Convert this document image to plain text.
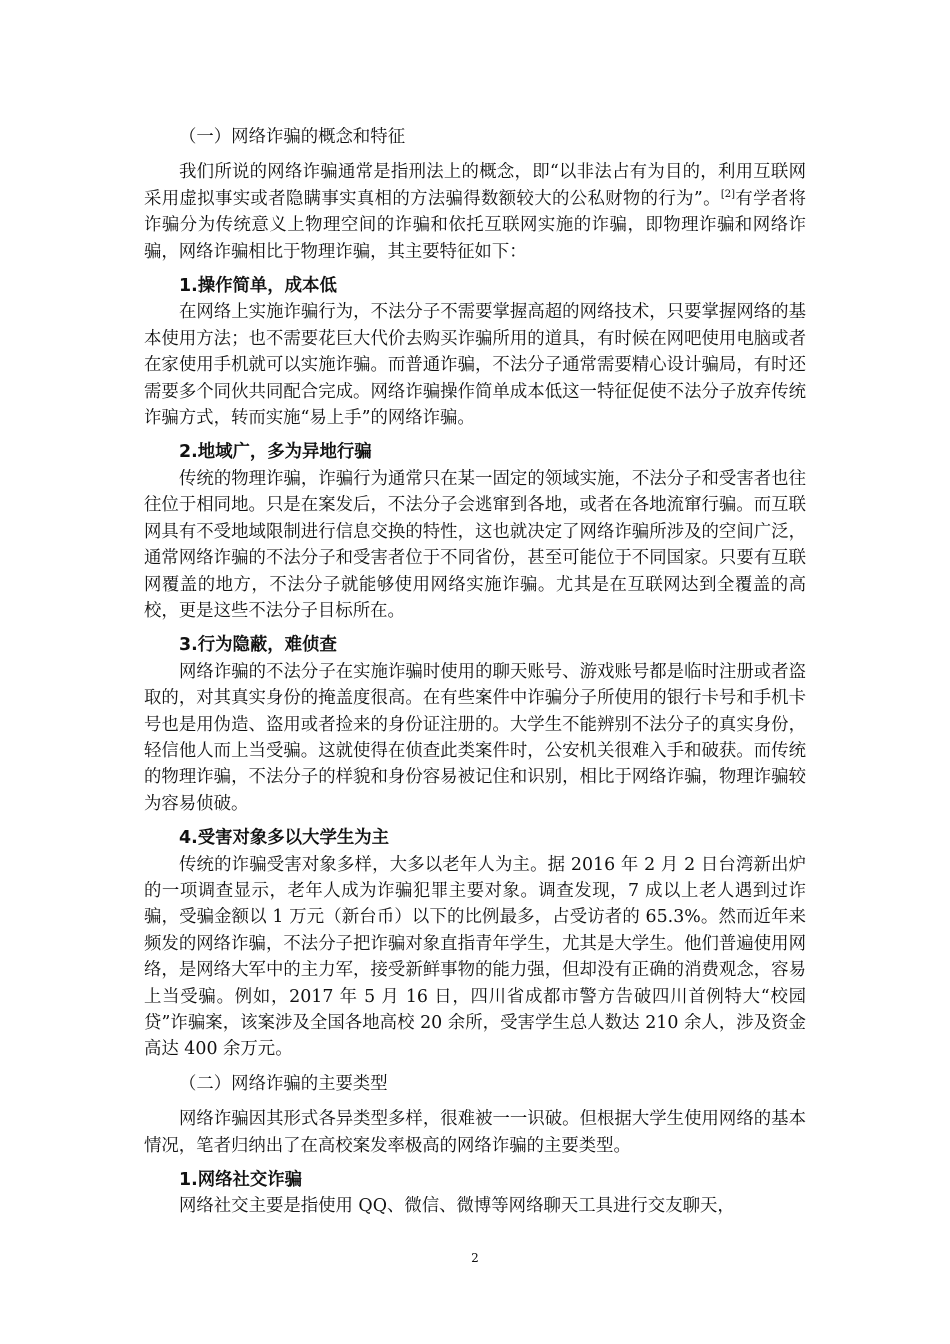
（一）网络诈骗的概念和特征

我们所说的网络诈骗通常是指刑法上的概念，即“以非法占有为目的，利用互联网采用虚拟事实或者隐瞒事实真相的方法骗得数额较大的公私财物的行为”。[2]有学者将诈骗分为传统意义上物理空间的诈骗和依托互联网实施的诈骗，即物理诈骗和网络诈骗，网络诈骗相比于物理诈骗，其主要特征如下：

1.操作简单，成本低

在网络上实施诈骗行为，不法分子不需要掌握高超的网络技术，只要掌握网络的基本使用方法；也不需要花巨大代价去购买诈骗所用的道具，有时候在网吧使用电脑或者在家使用手机就可以实施诈骗。而普通诈骗，不法分子通常需要精心设计骗局，有时还需要多个同伙共同配合完成。网络诈骗操作简单成本低这一特征促使不法分子放弃传统诈骗方式，转而实施“易上手”的网络诈骗。

2.地域广，多为异地行骗

传统的物理诈骗，诈骗行为通常只在某一固定的领域实施，不法分子和受害者也往往位于相同地。只是在案发后，不法分子会逃窜到各地，或者在各地流窜行骗。而互联网具有不受地域限制进行信息交换的特性，这也就决定了网络诈骗所涉及的空间广泛，通常网络诈骗的不法分子和受害者位于不同省份，甚至可能位于不同国家。只要有互联网覆盖的地方，不法分子就能够使用网络实施诈骗。尤其是在互联网达到全覆盖的高校，更是这些不法分子目标所在。

3.行为隐蔽，难侦查

网络诈骗的不法分子在实施诈骗时使用的聊天账号、游戏账号都是临时注册或者盗取的，对其真实身份的掩盖度很高。在有些案件中诈骗分子所使用的银行卡号和手机卡号也是用伪造、盗用或者捡来的身份证注册的。大学生不能辨别不法分子的真实身份，轻信他人而上当受骗。这就使得在侦查此类案件时，公安机关很难入手和破获。而传统的物理诈骗，不法分子的样貌和身份容易被记住和识别，相比于网络诈骗，物理诈骗较为容易侦破。

4.受害对象多以大学生为主

传统的诈骗受害对象多样，大多以老年人为主。据 2016 年 2 月 2 日台湾新出炉的一项调查显示，老年人成为诈骗犯罪主要对象。调查发现，7 成以上老人遇到过诈骗，受骗金额以 1 万元（新台币）以下的比例最多，占受访者的 65.3%。然而近年来频发的网络诈骗，不法分子把诈骗对象直指青年学生，尤其是大学生。他们普遍使用网络，是网络大军中的主力军，接受新鲜事物的能力强，但却没有正确的消费观念，容易上当受骗。例如，2017 年 5 月 16 日，四川省成都市警方告破四川首例特大“校园贷”诈骗案，该案涉及全国各地高校 20 余所，受害学生总人数达 210 余人，涉及资金高达 400 余万元。

（二）网络诈骗的主要类型

网络诈骗因其形式各异类型多样，很难被一一识破。但根据大学生使用网络的基本情况，笔者归纳出了在高校案发率极高的网络诈骗的主要类型。

1.网络社交诈骗

网络社交主要是指使用 QQ、微信、微博等网络聊天工具进行交友聊天，

2
